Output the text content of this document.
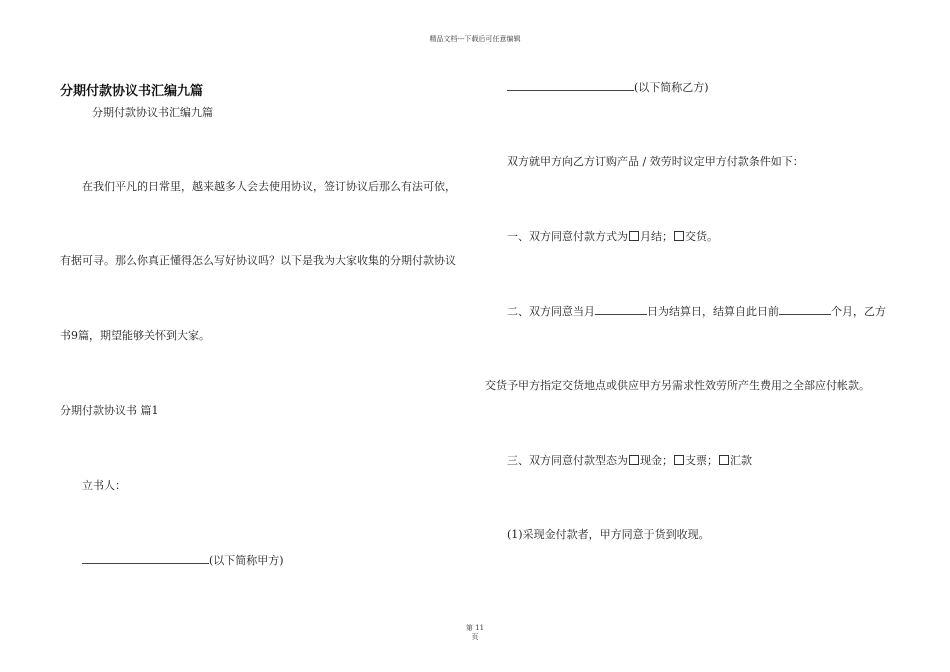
精品文档---下载后可任意编辑
分期付款协议书汇编九篇
分期付款协议书汇编九篇
在我们平凡的日常里，越来越多人会去使用协议，签订协议后那么有法可依，
有据可寻。那么你真正懂得怎么写好协议吗？以下是我为大家收集的分期付款协议
书9篇，期望能够关怀到大家。
分期付款协议书 篇1
立书人：
(以下简称甲方)
(以下简称乙方)
双方就甲方向乙方订购产品 / 效劳时议定甲方付款条件如下：
一、双方同意付款方式为 月结； 交货。
二、双方同意当月	日为结算日，结算自此日前	个月，乙方
交货予甲方指定交货地点或供应甲方另需求性效劳所产生费用之全部应付帐款。
三、双方同意付款型态为 现金； 支票； 汇款
(1)采现金付款者，甲方同意于货到收现。
第 11
页
